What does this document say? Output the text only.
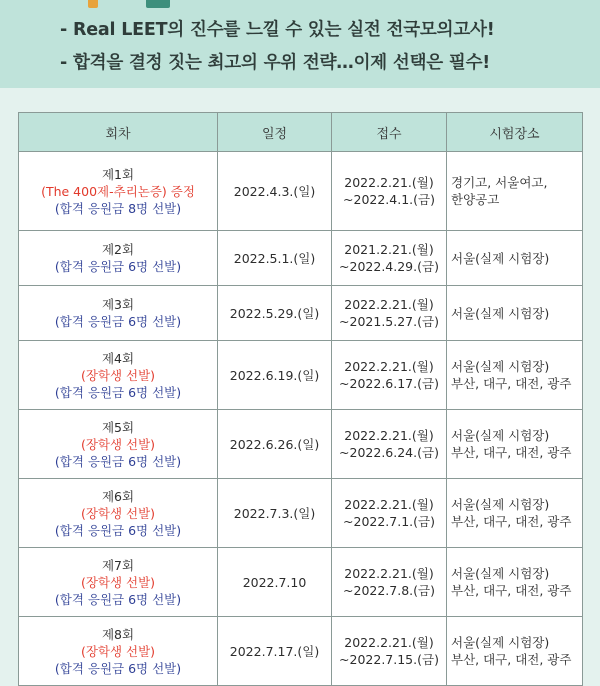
- Real LEET의 진수를 느낄 수 있는 실전 전국모의고사!
- 합격을 결정 짓는 최고의 우위 전략…이제 선택은 필수!
회차	일정	접수	시험장소

제1회
(The 400제-추리논증) 증정
(합격 응원금 8명 선발)	2022.4.3.(일)	2022.2.21.(월)
~2022.4.1.(금)	경기고, 서울여고,
한양공고

제2회
(합격 응원금 6명 선발)	2022.5.1.(일)	2021.2.21.(월)
~2022.4.29.(금)	서울(실제 시험장)

제3회
(합격 응원금 6명 선발)	2022.5.29.(일)	2022.2.21.(월)
~2021.5.27.(금)	서울(실제 시험장)

제4회
(장학생 선발)
(합격 응원금 6명 선발)	2022.6.19.(일)	2022.2.21.(월)
~2022.6.17.(금)	서울(실제 시험장)
부산, 대구, 대전, 광주

제5회
(장학생 선발)
(합격 응원금 6명 선발)	2022.6.26.(일)	2022.2.21.(월)
~2022.6.24.(금)	서울(실제 시험장)
부산, 대구, 대전, 광주

제6회
(장학생 선발)
(합격 응원금 6명 선발)	2022.7.3.(일)	2022.2.21.(월)
~2022.7.1.(금)	서울(실제 시험장)
부산, 대구, 대전, 광주

제7회
(장학생 선발)
(합격 응원금 6명 선발)	2022.7.10	2022.2.21.(월)
~2022.7.8.(금)	서울(실제 시험장)
부산, 대구, 대전, 광주

제8회
(장학생 선발)
(합격 응원금 6명 선발)	2022.7.17.(일)	2022.2.21.(월)
~2022.7.15.(금)	서울(실제 시험장)
부산, 대구, 대전, 광주
